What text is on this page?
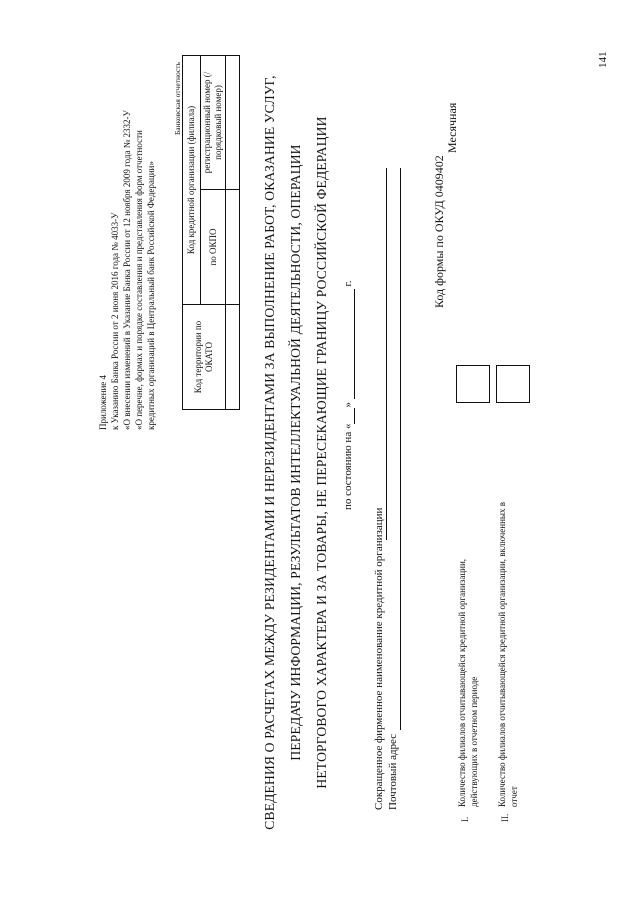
Приложение 4 к Указанию Банка России от 2 июня 2016 года № 4033-У «О внесении изменений в Указание Банка России от 12 ноября 2009 года № 2332-У «О перечне, формах и порядке составления и представления форм отчетности кредитных организаций в Центральный банк Российской Федерации»
Банковская отчетность
Код территории по ОКАТО	Код кредитной организации (филиала)	
	по ОКПО	регистрационный номер (/порядковый номер)

			СВЕДЕНИЯ О РАСЧЕТАХ МЕЖДУ РЕЗИДЕНТАМИ И НЕРЕЗИДЕНТАМИ ЗА ВЫПОЛНЕНИЕ РАБОТ, ОКАЗАНИЕ УСЛУГ, ПЕРЕДАЧУ ИНФОРМАЦИИ, РЕЗУЛЬТАТОВ ИНТЕЛЛЕКТУАЛЬНОЙ ДЕЯТЕЛЬНОСТИ, ОПЕРАЦИИ НЕТОРГОВОГО ХАРАКТЕРА И ЗА ТОВАРЫ, НЕ ПЕРЕСЕКАЮЩИЕ ГРАНИЦУ РОССИЙСКОЙ ФЕДЕРАЦИИ по состоянию на « »   г.
Сокращенное фирменное наименование кредитной организации Почтовый адрес
Код формы по ОКУД 0409402
Месячная
I.
Количество филиалов отчитывающейся кредитной организации, действующих в отчетном периоде
II.
Количество филиалов отчитывающейся кредитной организации, включенных в отчет
141
